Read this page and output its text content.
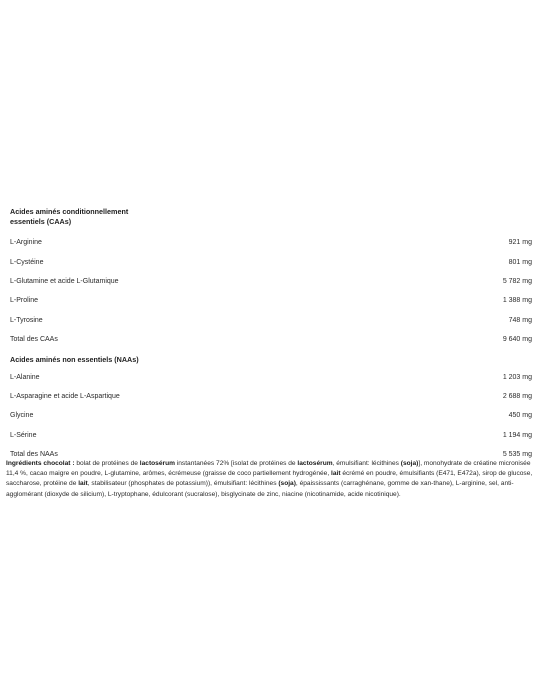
Acides aminés conditionnellement essentiels (CAAs)
L-Arginine	921 mg
L-Cystéine	801 mg
L-Glutamine et acide L-Glutamique	5 782 mg
L-Proline	1 388 mg
L-Tyrosine	748 mg
Total des CAAs	9 640 mg
Acides aminés non essentiels (NAAs)
L-Alanine	1 203 mg
L-Asparagine et acide L-Aspartique	2 688 mg
Glycine	450 mg
L-Sérine	1 194 mg
Total des NAAs	5 535 mg
Ingrédients chocolat : bolat de protéines de lactosérum instantanées 72% [isolat de protéines de lactosérum, émulsifiant: lécithines (soja)], monohydrate de créatine micronisée 11,4 %, cacao maigre en poudre, L-glutamine, arômes, écrémeuse (graisse de coco partiellement hydrogénée, lait écrémé en poudre, émulsifiants (E471, E472a), sirop de glucose, saccharose, protéine de lait, stabilisateur (phosphates de potassium)), émulsifiant: lécithines (soja), épaississants (carraghénane, gomme de xan-thane), L-arginine, sel, anti-agglomérant (dioxyde de silicium), L-tryptophane, édulcorant (sucralose), bisglycinate de zinc, niacine (nicotinamide, acide nicotinique).
